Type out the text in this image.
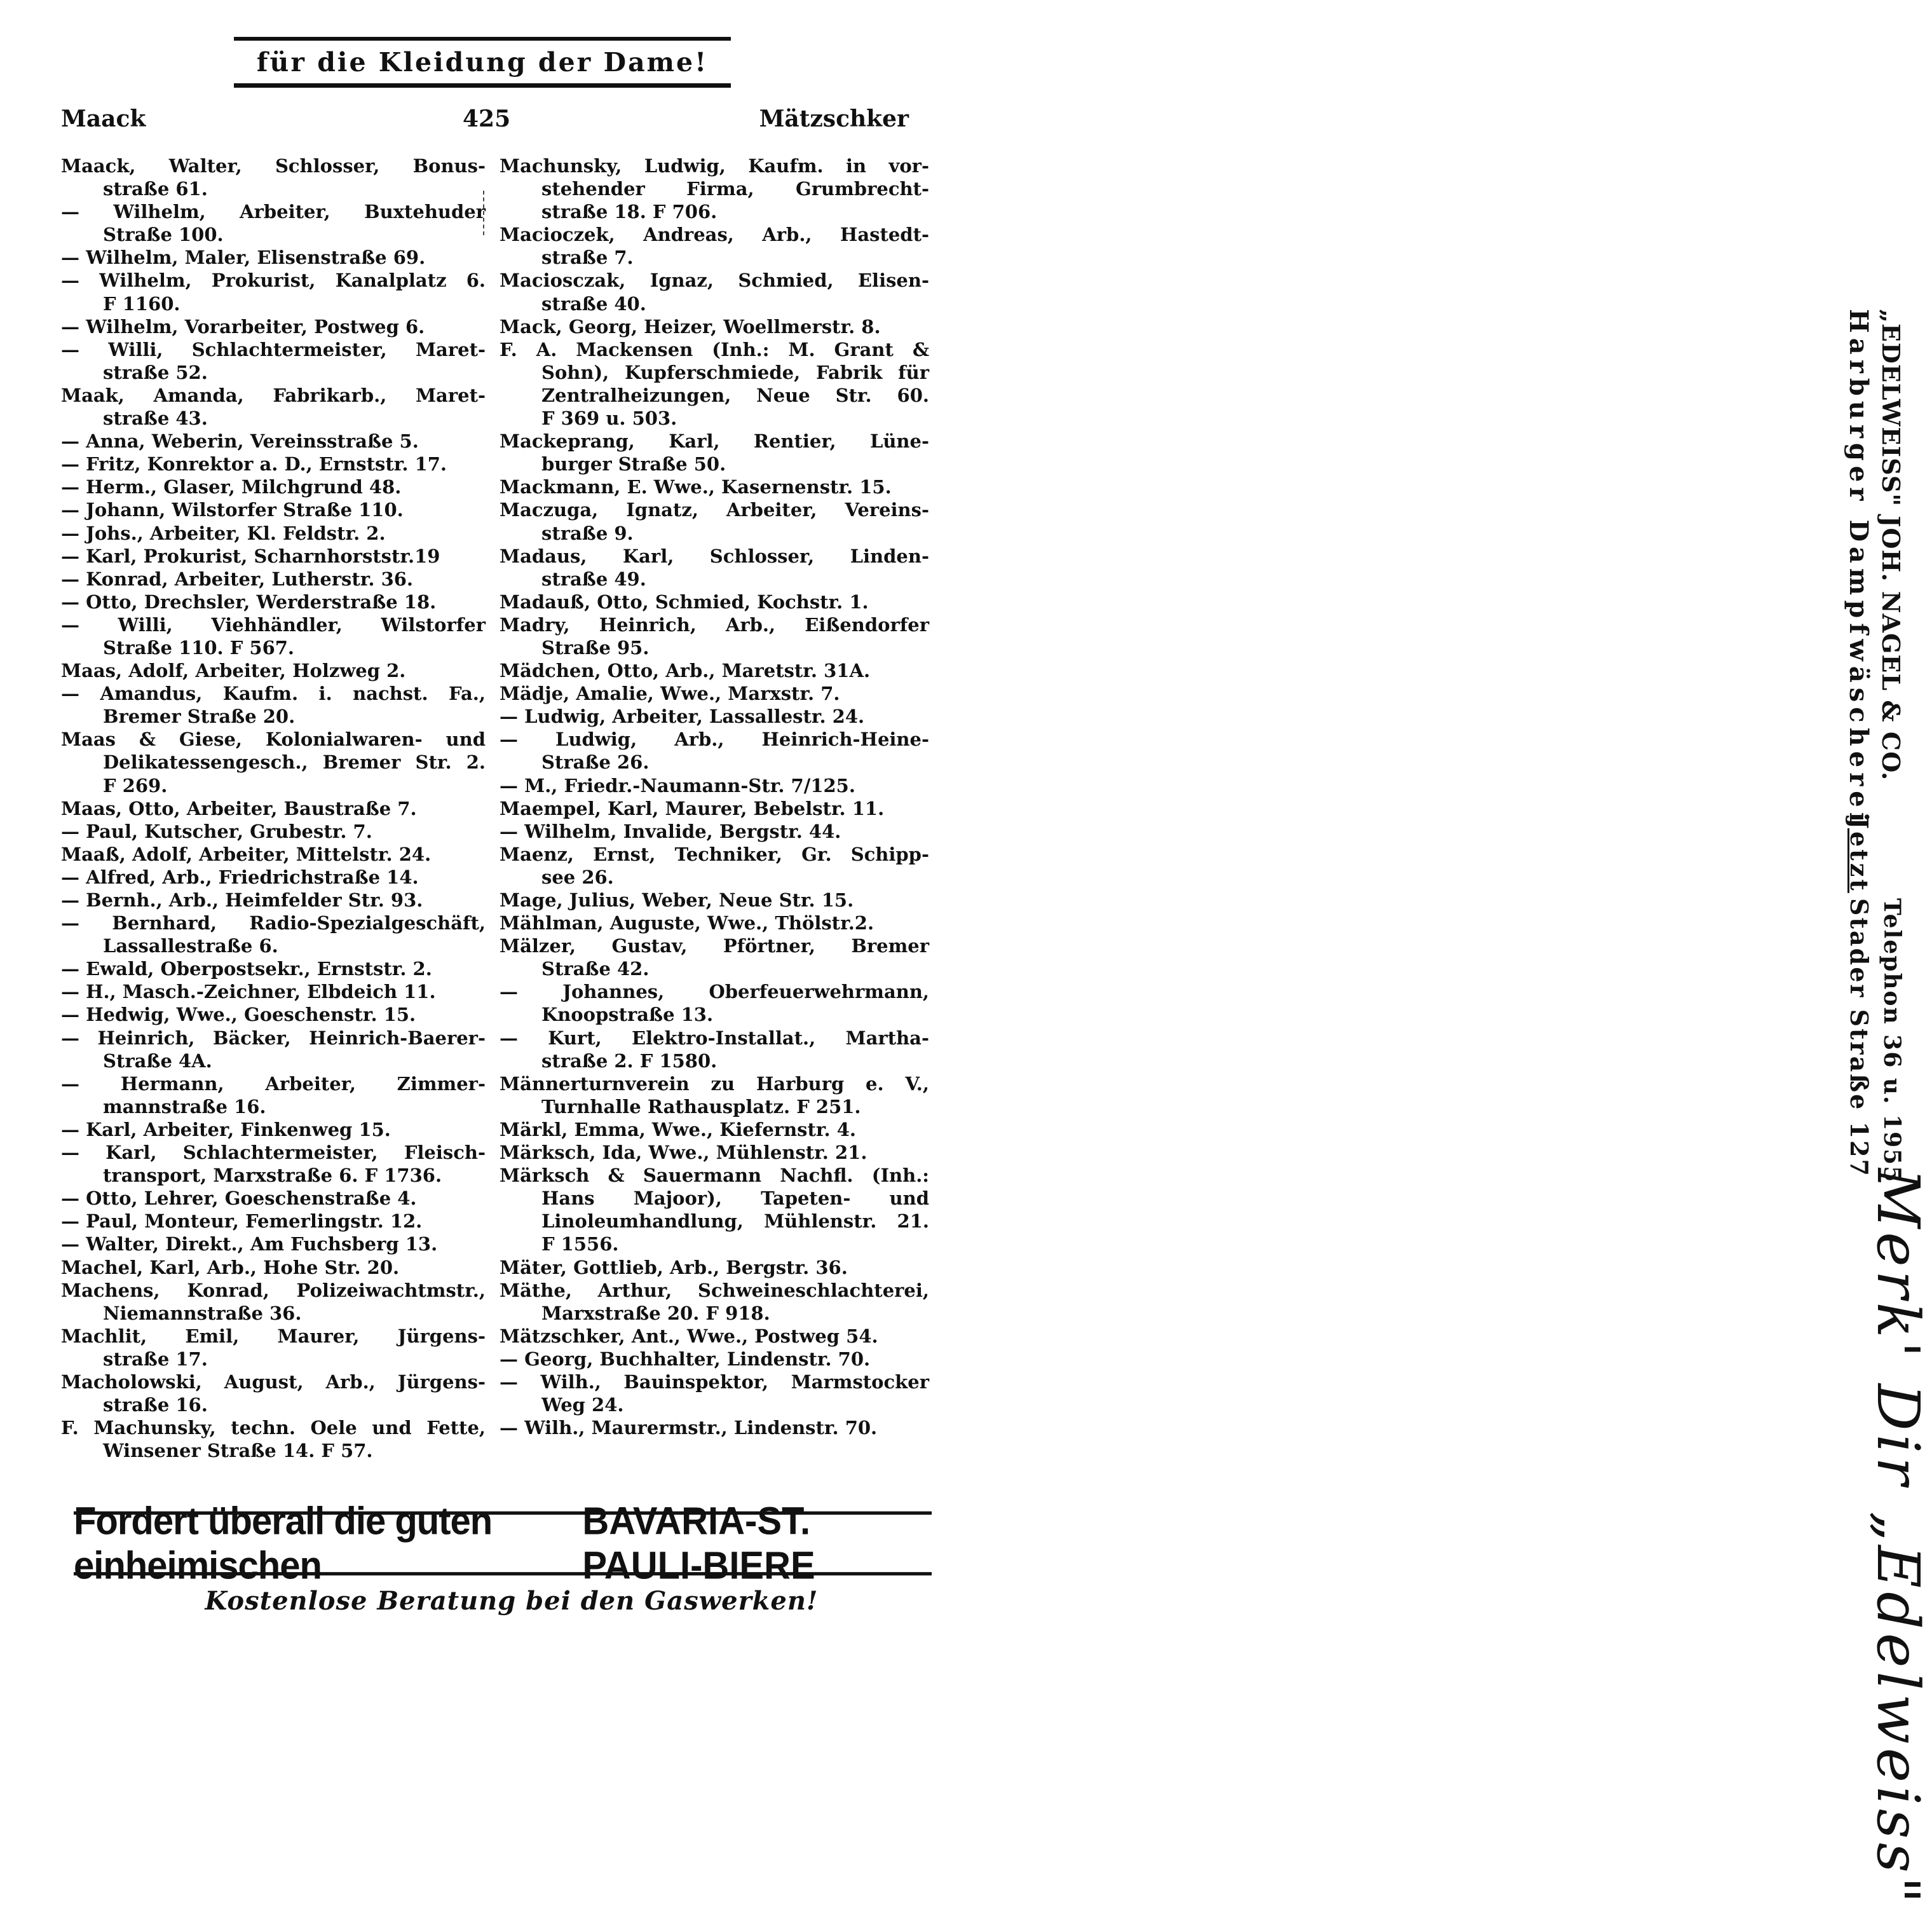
für die Kleidung der Dame!
Maack	425	Mätzschker
Maack, Walter, Schlosser, Bonus-
straße 61.
— Wilhelm, Arbeiter, Buxtehuder
Straße 100.
— Wilhelm, Maler, Elisenstraße 69.
— Wilhelm, Prokurist, Kanalplatz 6.
F 1160.
— Wilhelm, Vorarbeiter, Postweg 6.
— Willi, Schlachtermeister, Maret-
straße 52.
Maak, Amanda, Fabrikarb., Maret-
straße 43.
— Anna, Weberin, Vereinsstraße 5.
— Fritz, Konrektor a. D., Ernststr. 17.
— Herm., Glaser, Milchgrund 48.
— Johann, Wilstorfer Straße 110.
— Johs., Arbeiter, Kl. Feldstr. 2.
— Karl, Prokurist, Scharnhorststr.19
— Konrad, Arbeiter, Lutherstr. 36.
— Otto, Drechsler, Werderstraße 18.
— Willi, Viehhändler, Wilstorfer
Straße 110. F 567.
Maas, Adolf, Arbeiter, Holzweg 2.
— Amandus, Kaufm. i. nachst. Fa.,
Bremer Straße 20.
Maas & Giese, Kolonialwaren- und
Delikatessengesch., Bremer Str. 2.
F 269.
Maas, Otto, Arbeiter, Baustraße 7.
— Paul, Kutscher, Grubestr. 7.
Maaß, Adolf, Arbeiter, Mittelstr. 24.
— Alfred, Arb., Friedrichstraße 14.
— Bernh., Arb., Heimfelder Str. 93.
— Bernhard, Radio-Spezialgeschäft,
Lassallestraße 6.
— Ewald, Oberpostsekr., Ernststr. 2.
— H., Masch.-Zeichner, Elbdeich 11.
— Hedwig, Wwe., Goeschenstr. 15.
— Heinrich, Bäcker, Heinrich-Baerer-
Straße 4A.
— Hermann, Arbeiter, Zimmer-
mannstraße 16.
— Karl, Arbeiter, Finkenweg 15.
— Karl, Schlachtermeister, Fleisch-
transport, Marxstraße 6. F 1736.
— Otto, Lehrer, Goeschenstraße 4.
— Paul, Monteur, Femerlingstr. 12.
— Walter, Direkt., Am Fuchsberg 13.
Machel, Karl, Arb., Hohe Str. 20.
Machens, Konrad, Polizeiwachtmstr.,
Niemannstraße 36.
Machlit, Emil, Maurer, Jürgens-
straße 17.
Macholowski, August, Arb., Jürgens-
straße 16.
F. Machunsky, techn. Oele und Fette,
Winsener Straße 14. F 57.
Machunsky, Ludwig, Kaufm. in vor-
stehender Firma, Grumbrecht-
straße 18. F 706.
Macioczek, Andreas, Arb., Hastedt-
straße 7.
Maciosczak, Ignaz, Schmied, Elisen-
straße 40.
Mack, Georg, Heizer, Woellmerstr. 8.
F. A. Mackensen (Inh.: M. Grant &
Sohn), Kupferschmiede, Fabrik für
Zentralheizungen, Neue Str. 60.
F 369 u. 503.
Mackeprang, Karl, Rentier, Lüne-
burger Straße 50.
Mackmann, E. Wwe., Kasernenstr. 15.
Maczuga, Ignatz, Arbeiter, Vereins-
straße 9.
Madaus, Karl, Schlosser, Linden-
straße 49.
Madauß, Otto, Schmied, Kochstr. 1.
Madry, Heinrich, Arb., Eißendorfer
Straße 95.
Mädchen, Otto, Arb., Maretstr. 31A.
Mädje, Amalie, Wwe., Marxstr. 7.
— Ludwig, Arbeiter, Lassallestr. 24.
— Ludwig, Arb., Heinrich-Heine-
Straße 26.
— M., Friedr.-Naumann-Str. 7/125.
Maempel, Karl, Maurer, Bebelstr. 11.
— Wilhelm, Invalide, Bergstr. 44.
Maenz, Ernst, Techniker, Gr. Schipp-
see 26.
Mage, Julius, Weber, Neue Str. 15.
Mählman, Auguste, Wwe., Thölstr.2.
Mälzer, Gustav, Pförtner, Bremer
Straße 42.
— Johannes, Oberfeuerwehrmann,
Knoopstraße 13.
— Kurt, Elektro-Installat., Martha-
straße 2. F 1580.
Männerturnverein zu Harburg e. V.,
Turnhalle Rathausplatz. F 251.
Märkl, Emma, Wwe., Kiefernstr. 4.
Märksch, Ida, Wwe., Mühlenstr. 21.
Märksch & Sauermann Nachfl. (Inh.:
Hans Majoor), Tapeten- und
Linoleumhandlung, Mühlenstr. 21.
F 1556.
Mäter, Gottlieb, Arb., Bergstr. 36.
Mäthe, Arthur, Schweineschlachterei,
Marxstraße 20. F 918.
Mätzschker, Ant., Wwe., Postweg 54.
— Georg, Buchhalter, Lindenstr. 70.
— Wilh., Bauinspektor, Marmstocker
Weg 24.
— Wilh., Maurermstr., Lindenstr. 70.
Harburger Dampfwäscherei „EDELWEISS" JOH. NAGEL & CO.
Jetzt
Stader Straße 127 Telephon 36 u. 1955
Merk' Dir „Edelweiss"
Fordert überall die guten einheimischen
BAVARIA-ST. PAULI-BIERE
Kostenlose Beratung bei den Gaswerken!
